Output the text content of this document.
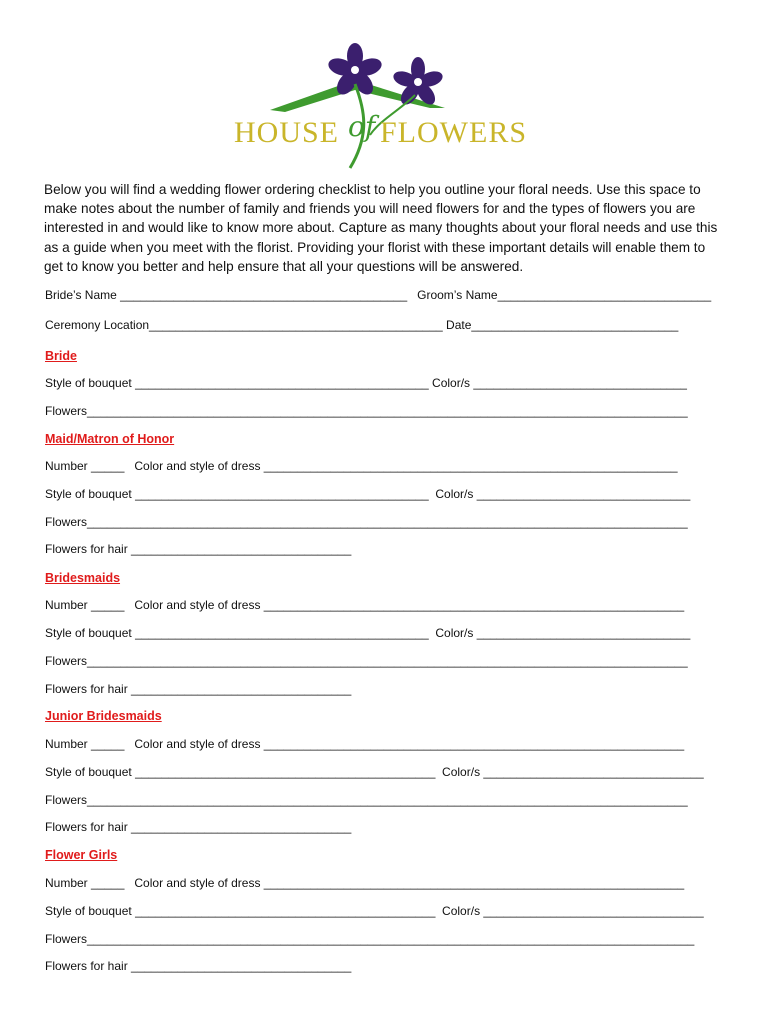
HOUSE of FLOWERS

Below you will find a wedding flower ordering checklist to help you outline your floral needs. Use this space to make notes about the number of family and friends you will need flowers for and the types of flowers you are interested in and would like to know more about. Capture as many thoughts about your floral needs and use this as a guide when you meet with the florist. Providing your florist with these important details will enable them to get to know you better and help ensure that all your questions will be answered.

Bride’s Name ___________________________________________   Groom’s Name________________________________
Ceremony Location____________________________________________ Date_______________________________
Bride
Style of bouquet ____________________________________________ Color/s ________________________________
Flowers__________________________________________________________________________________________
Maid/Matron of Honor
Number _____   Color and style of dress ______________________________________________________________
Style of bouquet ____________________________________________  Color/s ________________________________
Flowers__________________________________________________________________________________________
Flowers for hair _________________________________
Bridesmaids
Number _____   Color and style of dress _______________________________________________________________
Style of bouquet ____________________________________________  Color/s ________________________________
Flowers__________________________________________________________________________________________
Flowers for hair _________________________________
Junior Bridesmaids
Number _____   Color and style of dress _______________________________________________________________
Style of bouquet _____________________________________________  Color/s _________________________________
Flowers__________________________________________________________________________________________
Flowers for hair _________________________________
Flower Girls
Number _____   Color and style of dress _______________________________________________________________
Style of bouquet _____________________________________________  Color/s _________________________________
Flowers___________________________________________________________________________________________
Flowers for hair _________________________________
